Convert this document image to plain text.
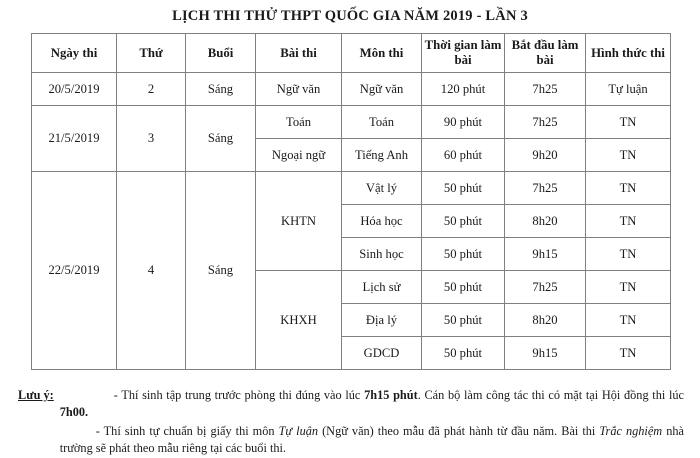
LỊCH THI THỬ THPT QUỐC GIA NĂM 2019 - LẦN 3
Ngày thi	Thứ	Buổi	Bài thi	Môn thi	Thời gian làm bài	Bắt đầu làm bài	Hình thức thi
20/5/2019	2	Sáng	Ngữ văn	Ngữ văn	120 phút	7h25	Tự luận
21/5/2019	3	Sáng	Toán	Toán	90 phút	7h25	TN
			Ngoại ngữ	Tiếng Anh	60 phút	9h20	TN
22/5/2019	4	Sáng	KHTN	Vật lý	50 phút	7h25	TN
				Hóa học	50 phút	8h20	TN
				Sinh học	50 phút	9h15	TN
			KHXH	Lịch sử	50 phút	7h25	TN
				Địa lý	50 phút	8h20	TN
				GDCD	50 phút	9h15	TN
Lưu ý:	- Thí sinh tập trung trước phòng thi đúng vào lúc 7h15 phút. Cán bộ làm công tác thi có mặt tại Hội đồng thi lúc 7h00.
- Thí sinh tự chuẩn bị giấy thi môn Tự luận (Ngữ văn) theo mẫu đã phát hành từ đầu năm. Bài thi Trắc nghiệm nhà trường sẽ phát theo mẫu riêng tại các buổi thi.
